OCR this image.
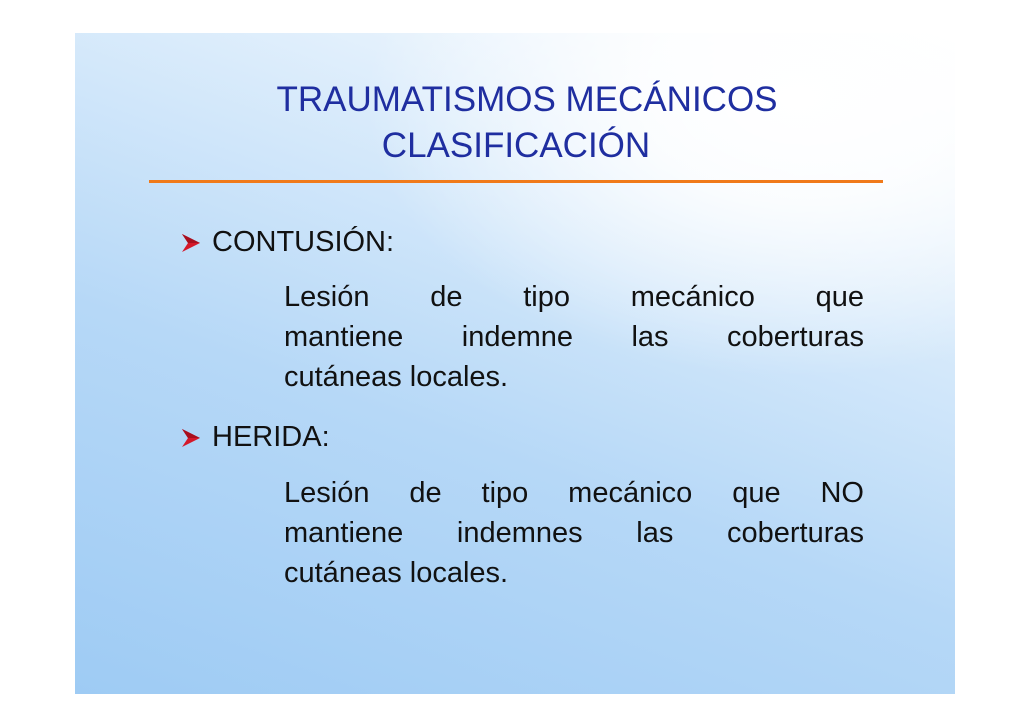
TRAUMATISMOS MECÁNICOS
CLASIFICACIÓN
CONTUSIÓN:
Lesión de tipo mecánico que
mantiene indemne las coberturas
cutáneas locales.
HERIDA:
Lesión de tipo mecánico que NO
mantiene indemnes las coberturas
cutáneas locales.
